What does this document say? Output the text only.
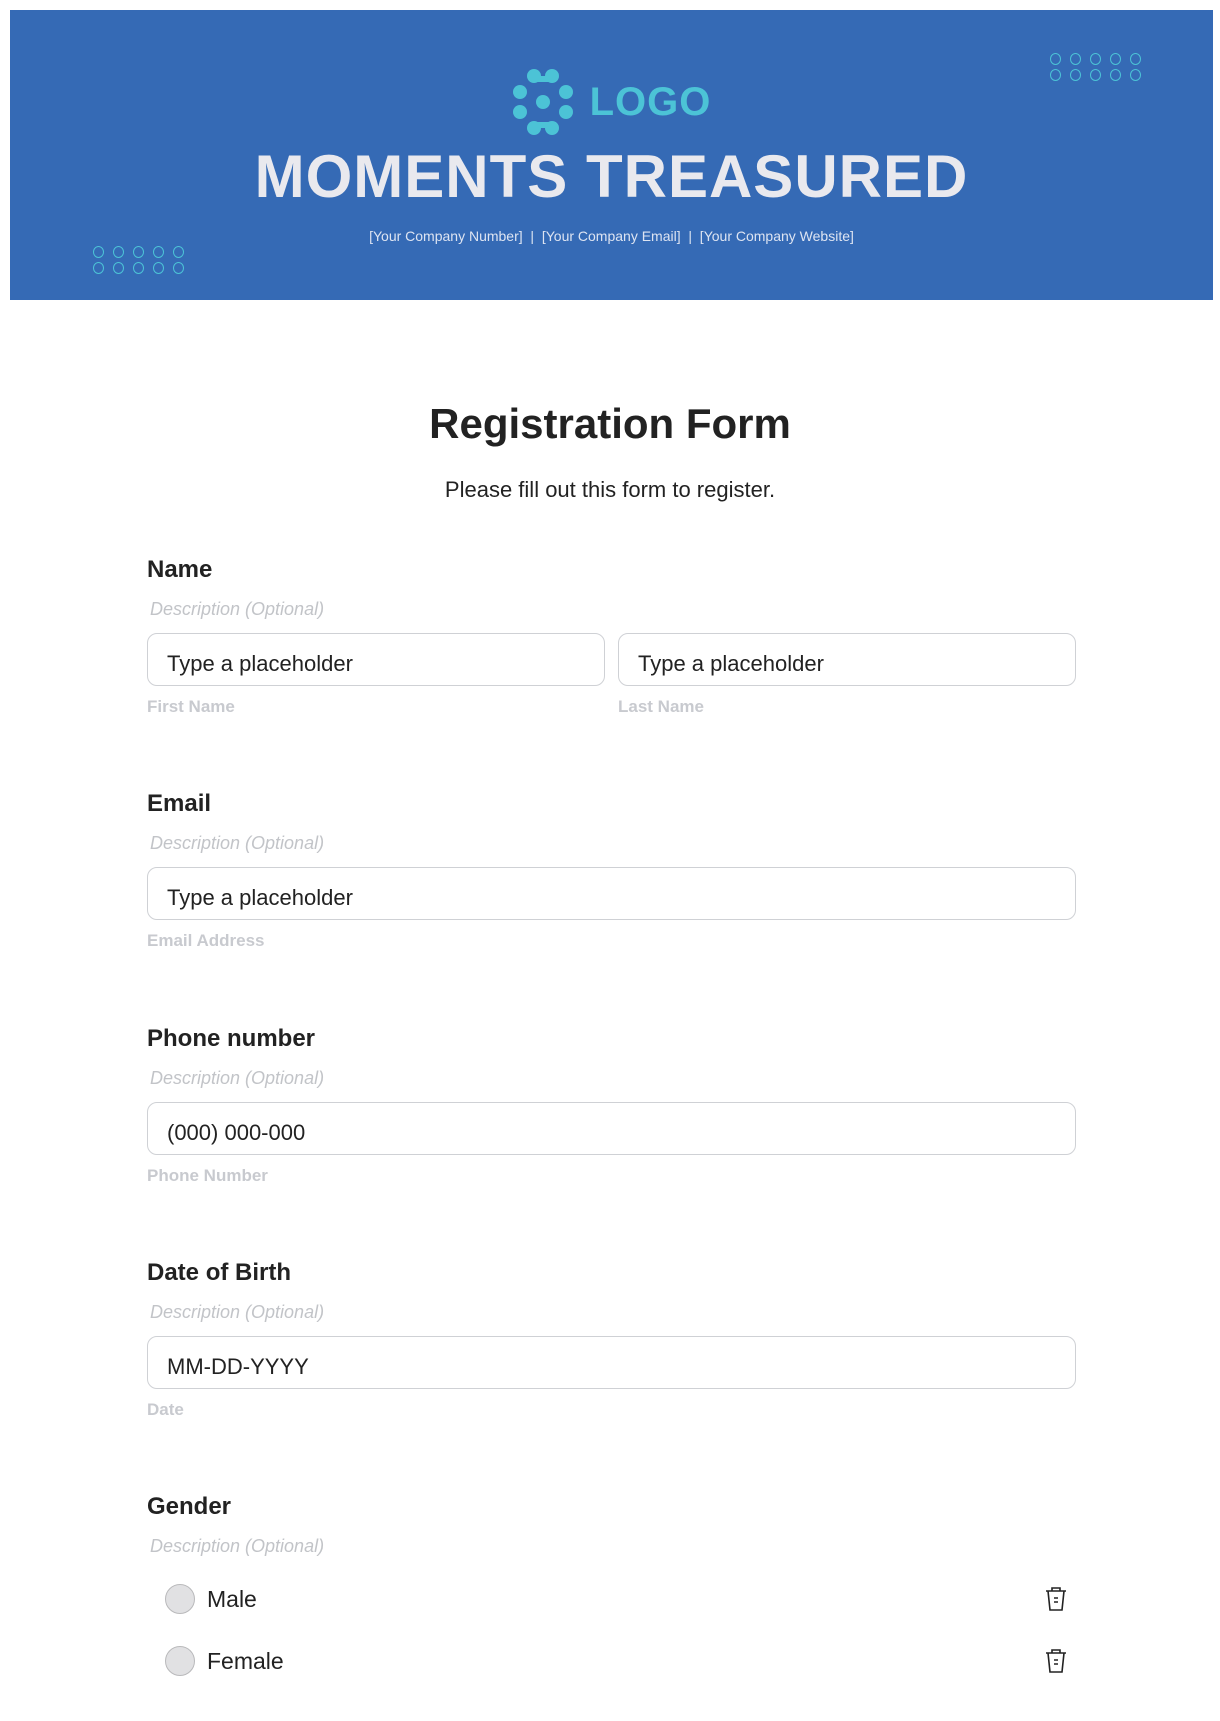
LOGO
MOMENTS TREASURED
[Your Company Number]  |  [Your Company Email]  |  [Your Company Website]
Registration Form
Please fill out this form to register.
Name
Description (Optional)
Type a placeholder
First Name
Type a placeholder
Last Name
Email
Description (Optional)
Type a placeholder
Email Address
Phone number
Description (Optional)
(000) 000-000
Phone Number
Date of Birth
Description (Optional)
MM-DD-YYYY
Date
Gender
Description (Optional)
Male
Female
